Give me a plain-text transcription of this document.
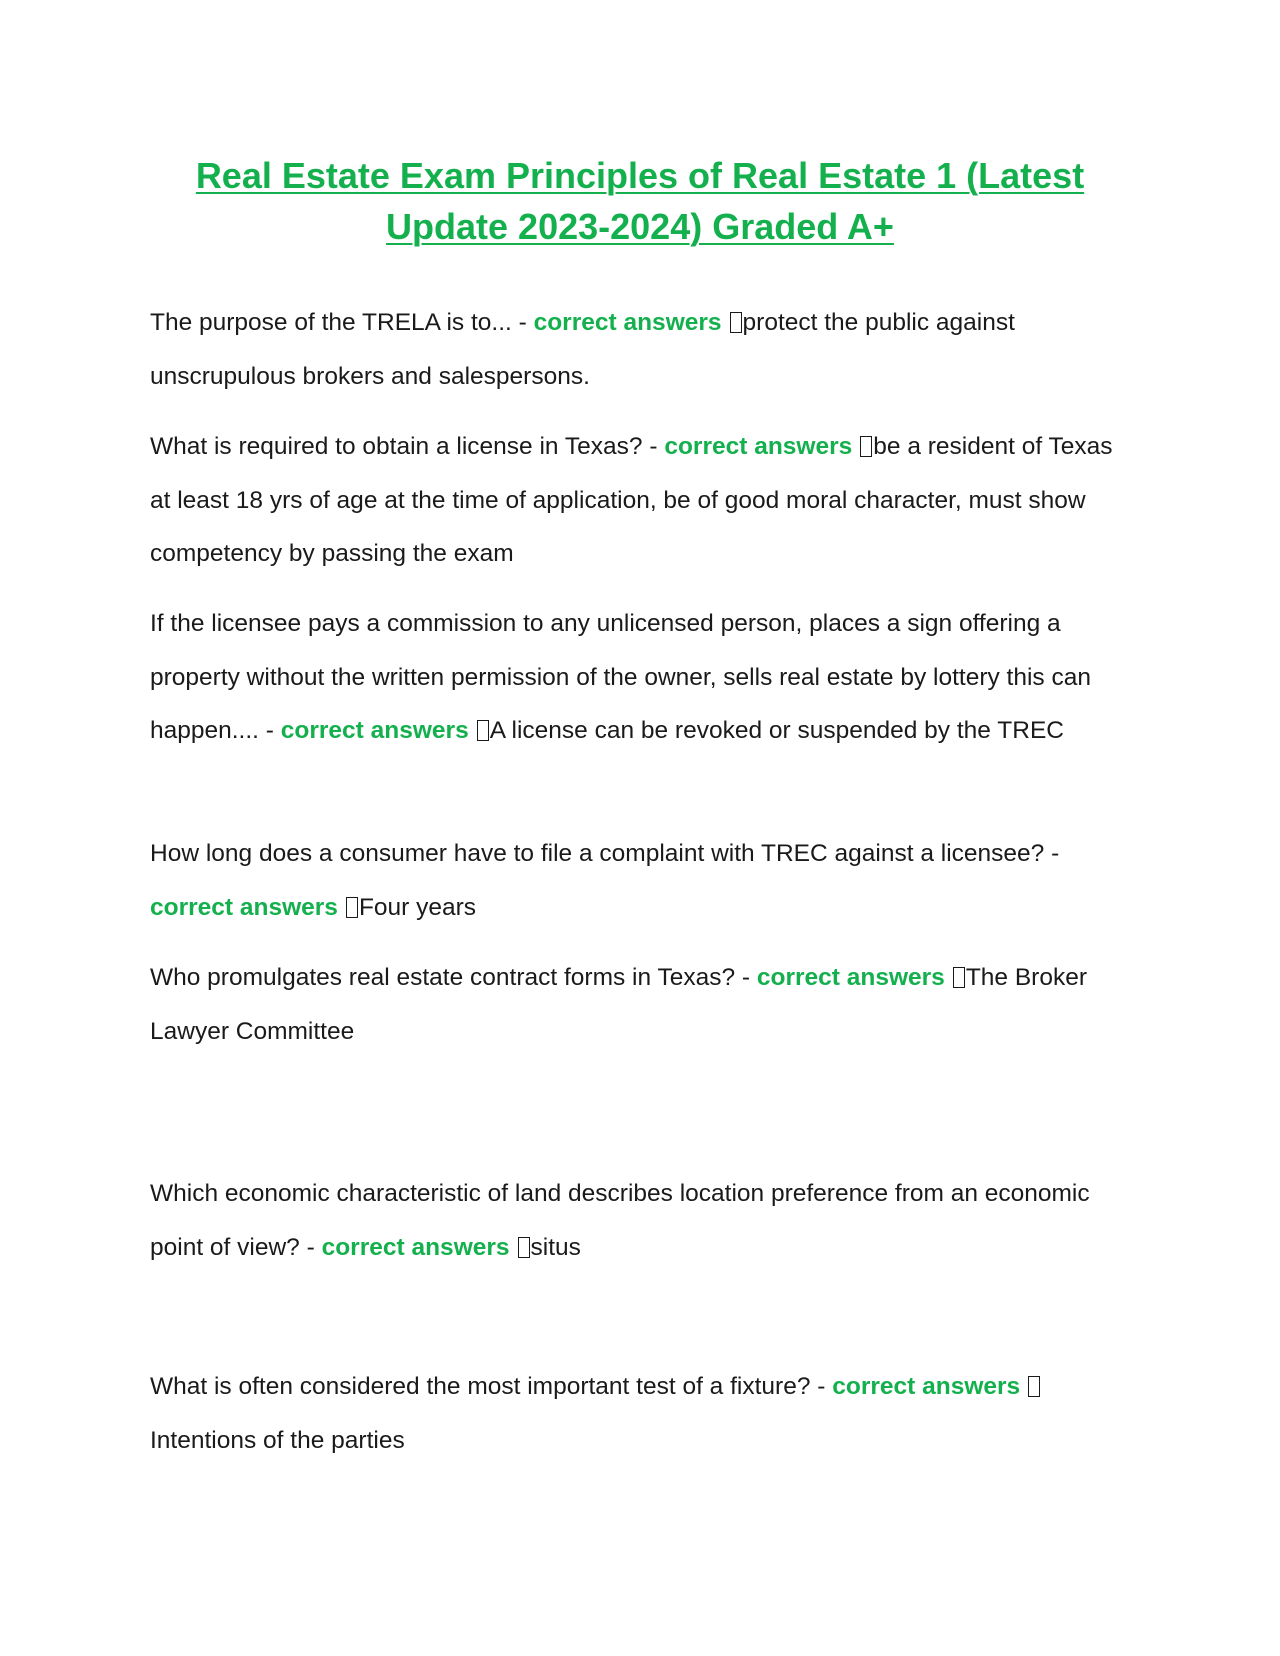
Real Estate Exam Principles of Real Estate 1 (Latest Update 2023-2024) Graded A+

The purpose of the TRELA is to... - correct answers protect the public against unscrupulous brokers and salespersons.

What is required to obtain a license in Texas? - correct answers be a resident of Texas at least 18 yrs of age at the time of application, be of good moral character, must show competency by passing the exam

If the licensee pays a commission to any unlicensed person, places a sign offering a property without the written permission of the owner, sells real estate by lottery this can happen.... - correct answers A license can be revoked or suspended by the TREC

How long does a consumer have to file a complaint with TREC against a licensee? - correct answers Four years

Who promulgates real estate contract forms in Texas? - correct answers The Broker Lawyer Committee

Which economic characteristic of land describes location preference from an economic point of view? - correct answers situs

What is often considered the most important test of a fixture? - correct answersIntentions of the parties
